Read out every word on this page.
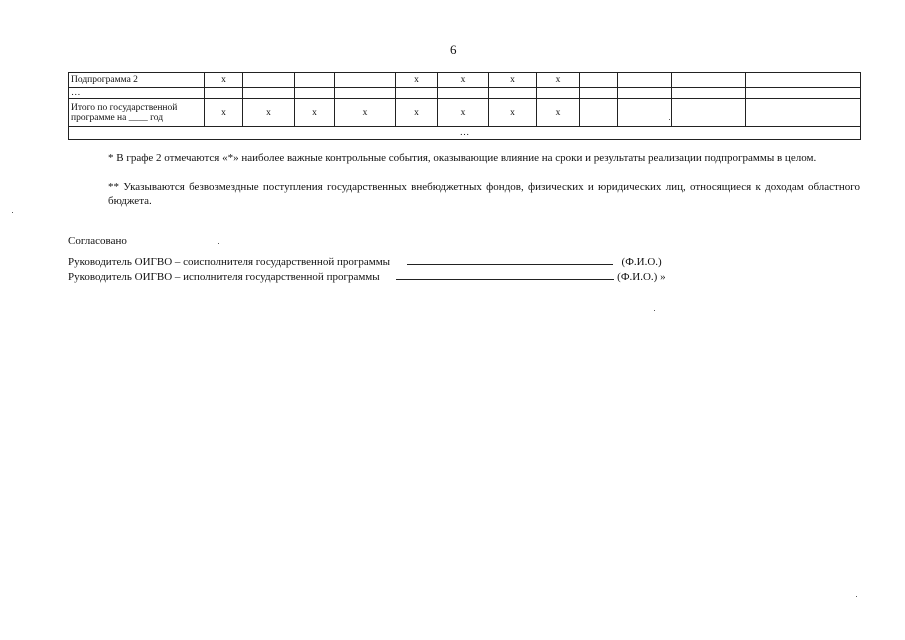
6
Подпрограмма 2	x				x	x	x	x				
…												
Итого по государственной программе на ____ год	x	x	x	x	x	x	x	x				
…												
* В графе 2 отмечаются «*» наиболее важные контрольные события, оказывающие влияние на сроки и результаты реализации подпрограммы в целом.
** Указываются безвозмездные поступления государственных внебюджетных фондов, физических и юридических лиц, относящиеся к доходам областного бюджета.
Согласовано
Руководитель ОИГВО – соисполнителя государственной программы	(Ф.И.О.)
Руководитель ОИГВО – исполнителя государственной программы	(Ф.И.О.) »
